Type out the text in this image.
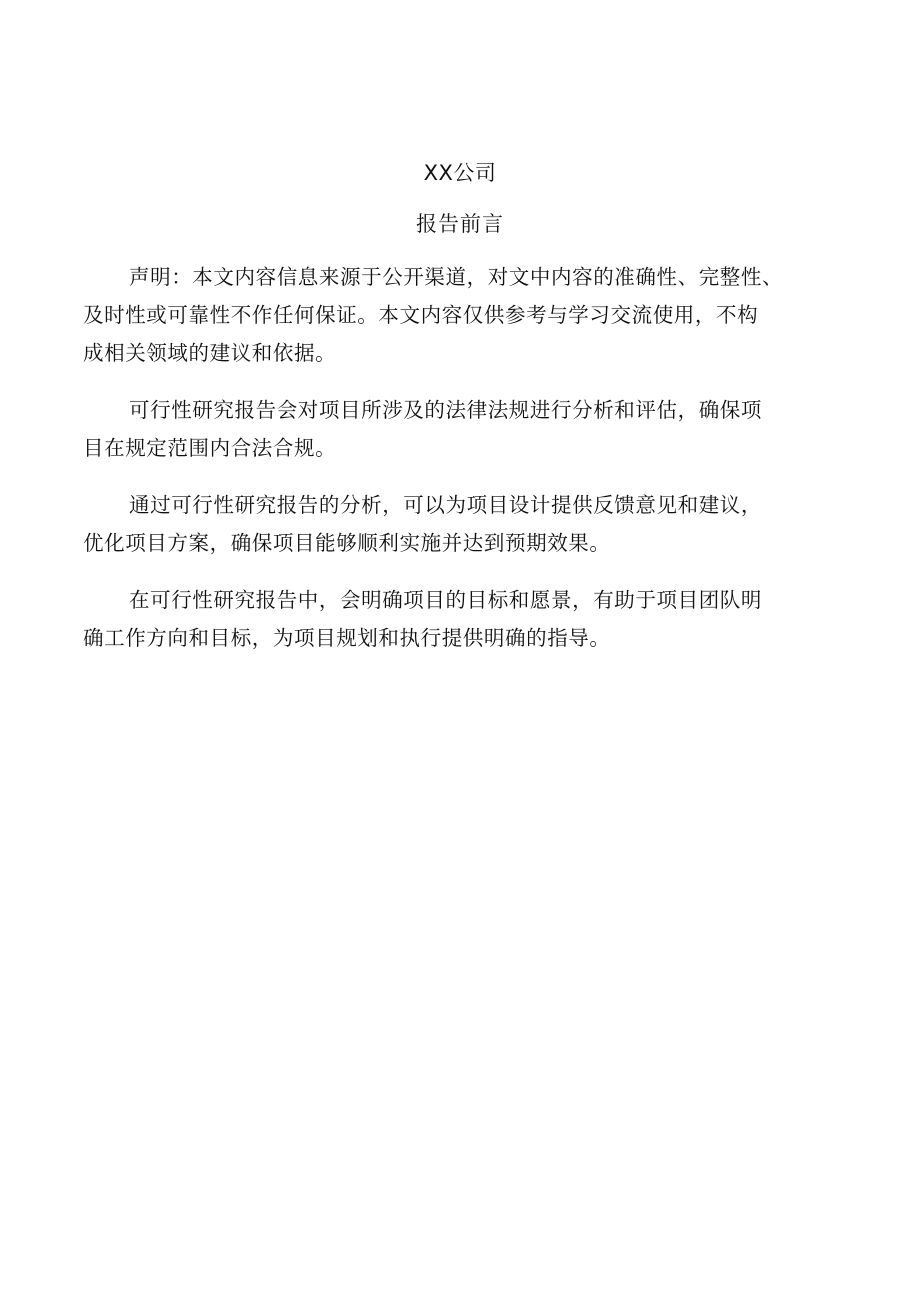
XX公司
报告前言

声明：本文内容信息来源于公开渠道，对文中内容的准确性、完整性、
及时性或可靠性不作任何保证。本文内容仅供参考与学习交流使用，不构
成相关领域的建议和依据。

可行性研究报告会对项目所涉及的法律法规进行分析和评估，确保项
目在规定范围内合法合规。

通过可行性研究报告的分析，可以为项目设计提供反馈意见和建议，
优化项目方案，确保项目能够顺利实施并达到预期效果。

在可行性研究报告中，会明确项目的目标和愿景，有助于项目团队明
确工作方向和目标，为项目规划和执行提供明确的指导。
